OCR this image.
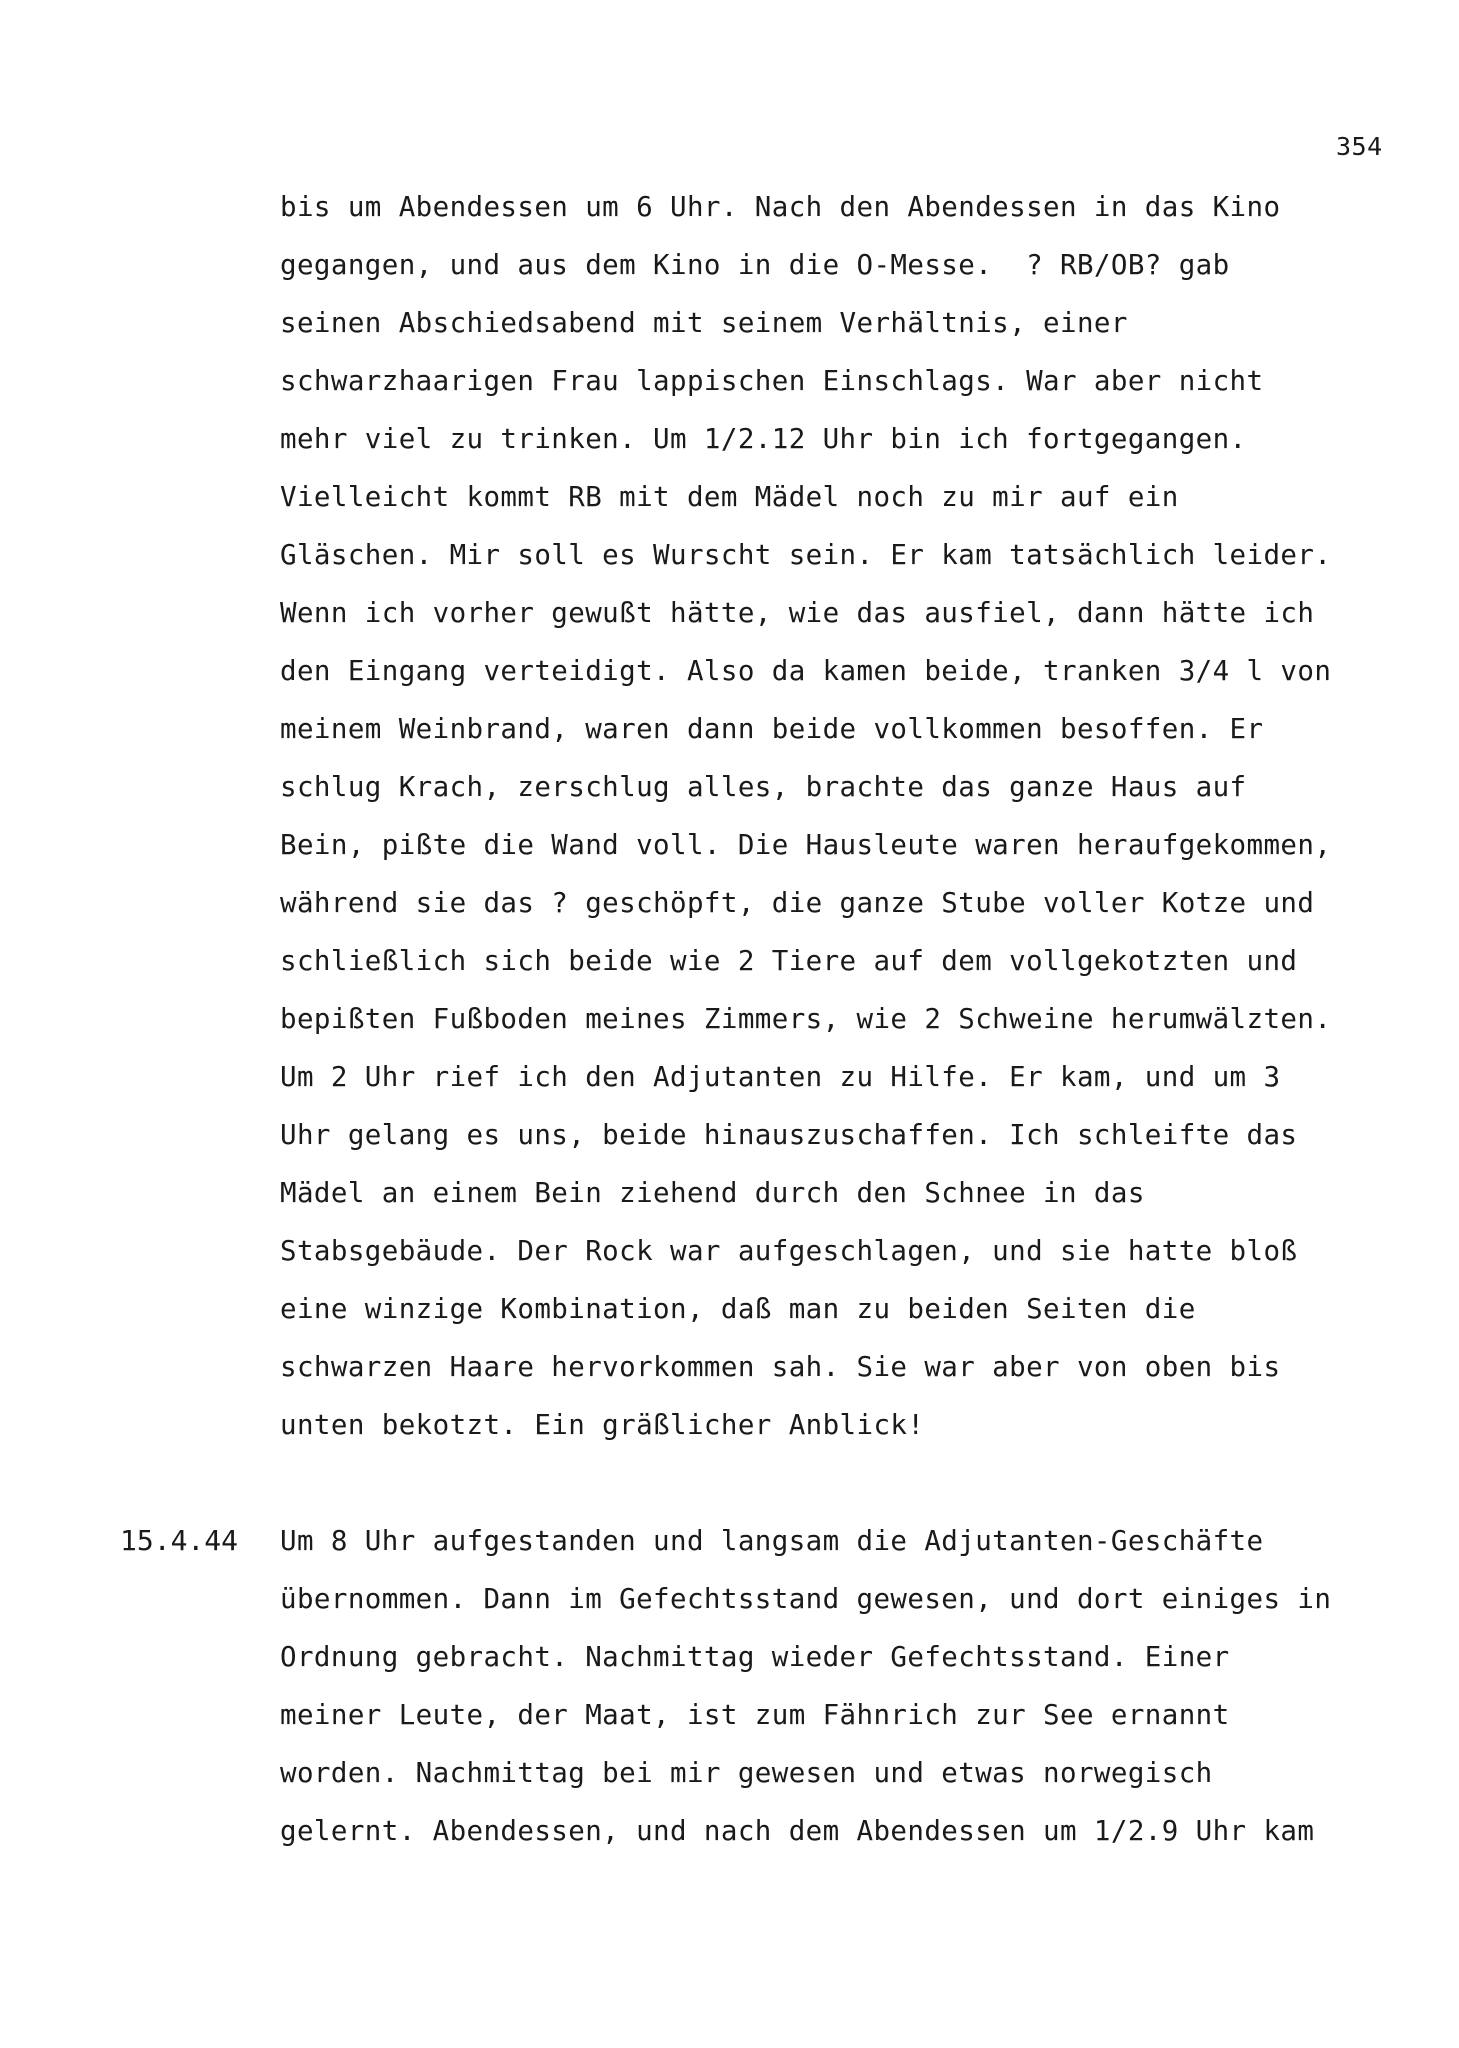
354
bis um Abendessen um 6 Uhr. Nach den Abendessen in das Kino
gegangen, und aus dem Kino in die O-Messe.  ? RB/OB? gab
seinen Abschiedsabend mit seinem Verhältnis, einer
schwarzhaarigen Frau lappischen Einschlags. War aber nicht
mehr viel zu trinken. Um 1/2.12 Uhr bin ich fortgegangen.
Vielleicht kommt RB mit dem Mädel noch zu mir auf ein
Gläschen. Mir soll es Wurscht sein. Er kam tatsächlich leider.
Wenn ich vorher gewußt hätte, wie das ausfiel, dann hätte ich
den Eingang verteidigt. Also da kamen beide, tranken 3/4 l von
meinem Weinbrand, waren dann beide vollkommen besoffen. Er
schlug Krach, zerschlug alles, brachte das ganze Haus auf
Bein, pißte die Wand voll. Die Hausleute waren heraufgekommen,
während sie das ? geschöpft, die ganze Stube voller Kotze und
schließlich sich beide wie 2 Tiere auf dem vollgekotzten und
bepißten Fußboden meines Zimmers, wie 2 Schweine herumwälzten.
Um 2 Uhr rief ich den Adjutanten zu Hilfe. Er kam, und um 3
Uhr gelang es uns, beide hinauszuschaffen. Ich schleifte das
Mädel an einem Bein ziehend durch den Schnee in das
Stabsgebäude. Der Rock war aufgeschlagen, und sie hatte bloß
eine winzige Kombination, daß man zu beiden Seiten die
schwarzen Haare hervorkommen sah. Sie war aber von oben bis
unten bekotzt. Ein gräßlicher Anblick!
15.4.44 Um 8 Uhr aufgestanden und langsam die Adjutanten-Geschäfte
übernommen. Dann im Gefechtsstand gewesen, und dort einiges in
Ordnung gebracht. Nachmittag wieder Gefechtsstand. Einer
meiner Leute, der Maat, ist zum Fähnrich zur See ernannt
worden. Nachmittag bei mir gewesen und etwas norwegisch
gelernt. Abendessen, und nach dem Abendessen um 1/2.9 Uhr kam
